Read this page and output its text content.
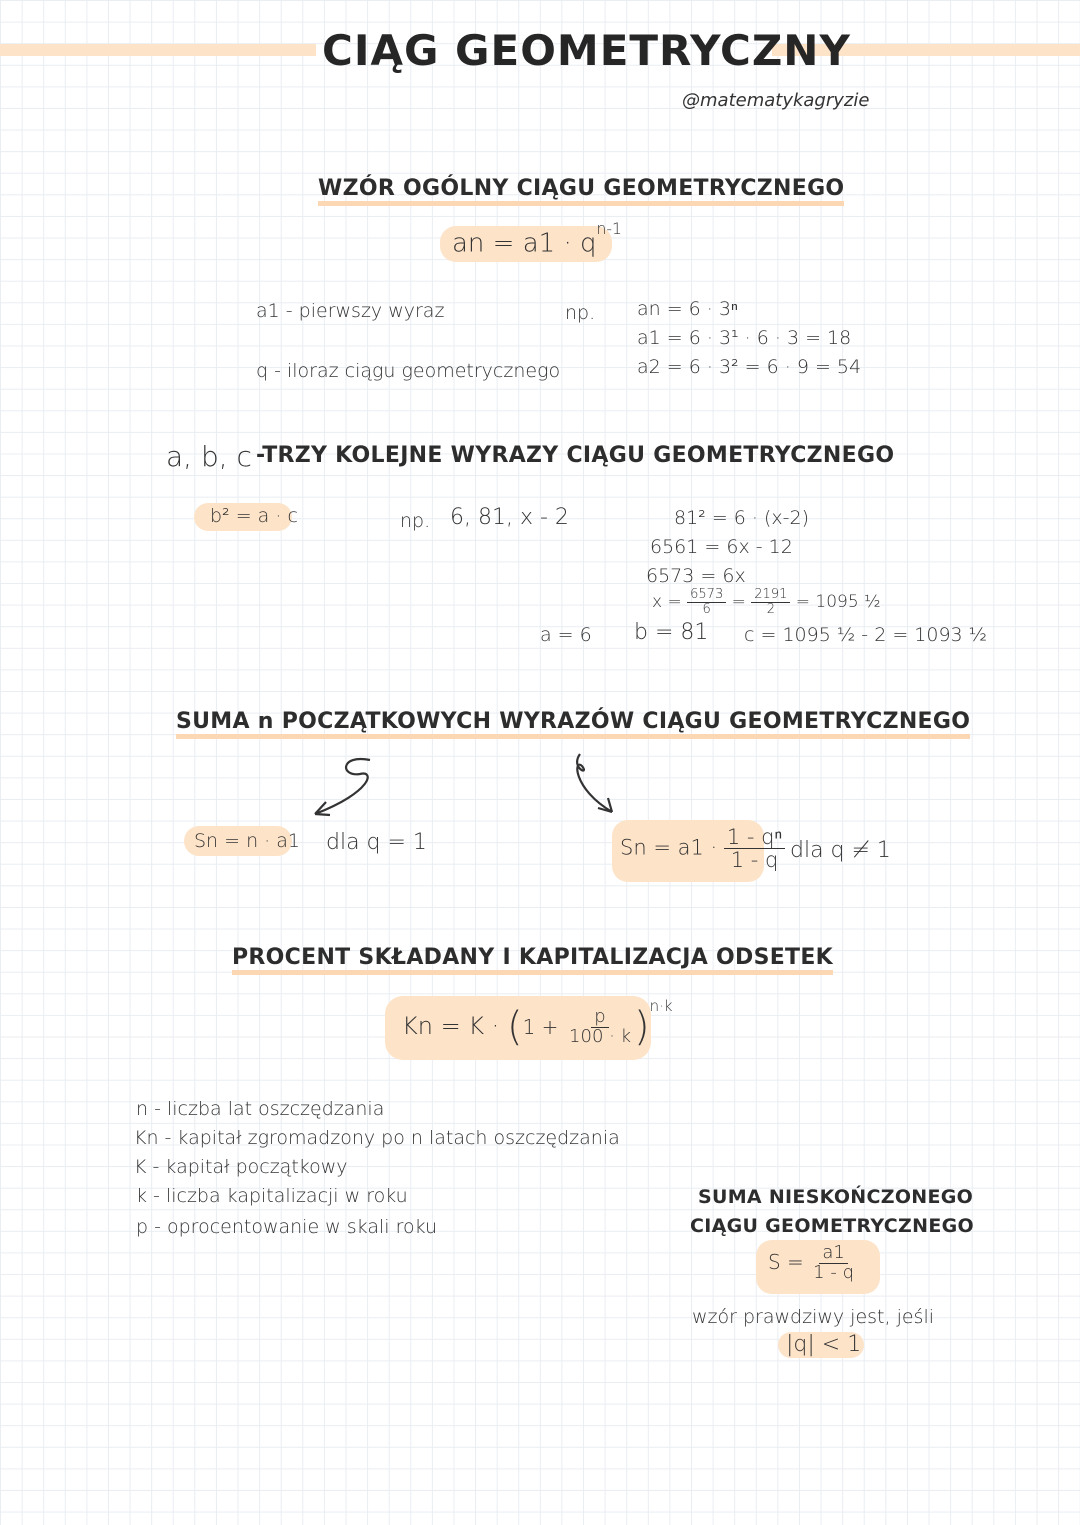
CIĄG GEOMETRYCZNY
@matematykagryzie
WZÓR OGÓLNY CIĄGU GEOMETRYCZNEGO
an = $a1 \cdot q^{n-1}$
a1 - pierwszy wyraz
q - iloraz ciągu geometrycznego
np. an = 6 · 3ⁿ
a1 = 6 · 3¹ · 6 · 3 = 18
a2 = 6 · 3² = 6 · 9 = 54
a, b, c -TRZY KOLEJNE WYRAZY CIĄGU GEOMETRYCZNEGO
b² = a · c	np. 6, 81, x - 2	81² = 6 · (x-2)
6561 = 6x - 12
6573 = 6x
$x = \frac{6573}{6} = \frac{2191}{2} = 1095$ ½
a = 6 b = 81 c = 1095 ½ - 2 = 1093 ½
SUMA n POCZĄTKOWYCH WYRAZÓW CIĄGU GEOMETRYCZNEGO
Sn = n · a1 dla q = 1	$Sn = a1 \cdot \frac{\text{1 - qⁿ}}{1 - q}$ dla q ≠ 1
PROCENT SKŁADANY I KAPITALIZACJA ODSETEK
$Kn = K \cdot (1 + \frac{p}{100 \cdot k} )^{n\cdot k}$
n - liczba lat oszczędzania
Kn - kapitał zgromadzony po n latach oszczędzania
K - kapitał początkowy
k - liczba kapitalizacji w roku
p - oprocentowanie w skali roku
SUMA NIESKOŃCZONEGO
CIĄGU GEOMETRYCZNEGO
$S = \frac{a1}{1 - q}$
wzór prawdziwy jest, jeśli
|q| < 1
